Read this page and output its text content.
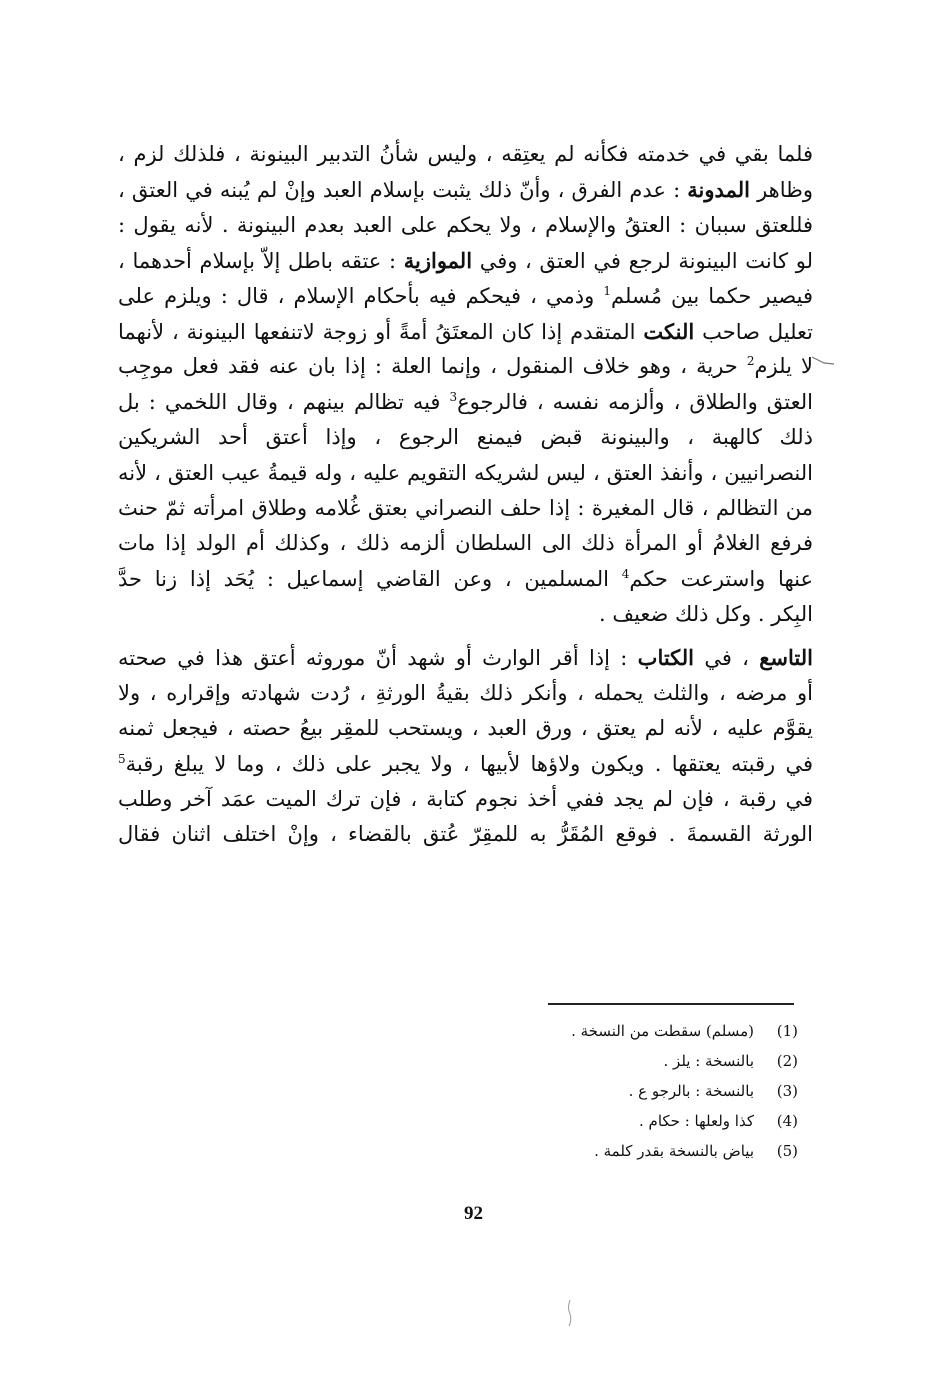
فلما بقي في خدمته فكأنه لم يعتِقه ، وليس شأنُ التدبير البينونة ، فلذلك لزم ،
وظاهر المدونة : عدم الفرق ، وأنّ ذلك يثبت بإسلام العبد وإنْ لم يُبنه في العتق ،
فللعتق سببان : العتقُ والإسلام ، ولا يحكم على العبد بعدم البينونة . لأنه يقول :
لو كانت البينونة لرجع في العتق ، وفي الموازية : عتقه باطل إلاّ بإسلام أحدهما ،
فيصير حكما بين مُسلم$^1$ وذمي ، فيحكم فيه بأحكام الإسلام ، قال : ويلزم على
تعليل صاحب النكت المتقدم إذا كان المعتَقُ أمةً أو زوجة لاتنفعها البينونة ، لأنهما
لا يلزم$^2$ حرية ، وهو خلاف المنقول ، وإنما العلة : إذا بان عنه فقد فعل موجِب
العتق والطلاق ، وألزمه نفسه ، فالرجوع$^3$ فيه تظالم بينهم ، وقال اللخمي : بل
ذلك كالهبة ، والبينونة قبض فيمنع الرجوع ، وإذا أعتق أحد الشريكين
النصرانيين ، وأنفذ العتق ، ليس لشريكه التقويم عليه ، وله قيمةُ عيب العتق ، لأنه
من التظالم ، قال المغيرة : إذا حلف النصراني بعتق غُلامه وطلاق امرأته ثمّ حنث
فرفع الغلامُ أو المرأة ذلك الى السلطان ألزمه ذلك ، وكذلك أم الولد إذا مات
عنها واسترعت حكم$^4$ المسلمين ، وعن القاضي إسماعيل : يُحَد إذا زنا حدَّ
البِكر . وكل ذلك ضعيف .
التاسع ، في الكتاب : إذا أقر الوارث أو شهد أنّ موروثه أعتق هذا في صحته
أو مرضه ، والثلث يحمله ، وأنكر ذلك بقيةُ الورثةِ ، رُدت شهادته وإقراره ، ولا
يقوَّم عليه ، لأنه لم يعتق ، ورق العبد ، ويستحب للمقِر بيعُ حصته ، فيجعل ثمنه
في رقبته يعتقها . ويكون ولاؤها لأبيها ، ولا يجبر على ذلك ، وما لا يبلغ رقبة$^5$
في رقبة ، فإن لم يجد ففي أخذ نجوم كتابة ، فإن ترك الميت عمَد آخر وطلب
الورثة القسمةَ . فوقع المُقَرُّ به للمقِرّ عُتق بالقضاء ، وإنْ اختلف اثنان فقال
(1)(مسلم) سقطت من النسخة .
(2)بالنسخة : يلز .
(3)بالنسخة : بالرجو ع .
(4)كذا ولعلها : حكام .
(5)بياض بالنسخة بقدر كلمة .
92
